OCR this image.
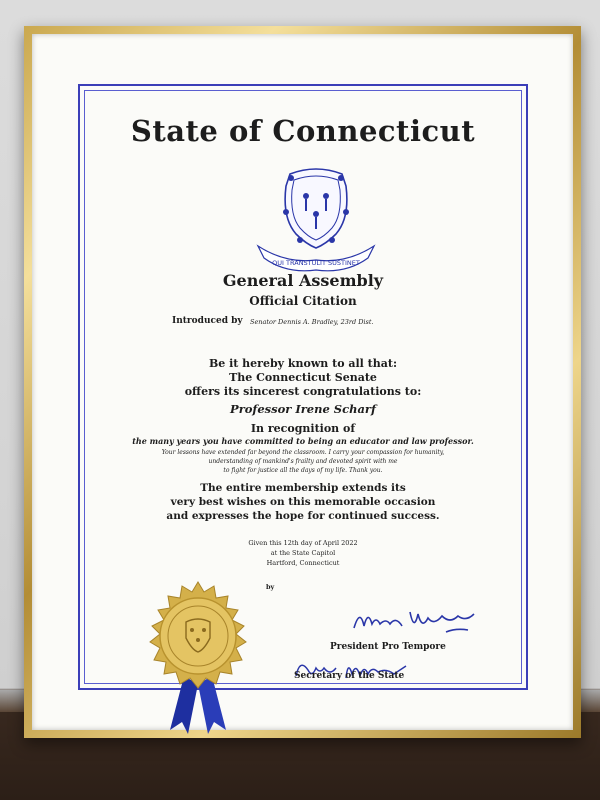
State of Connecticut
QUI TRANSTULIT SUSTINET
General Assembly
Official Citation
Introduced by Senator Dennis A. Bradley, 23rd Dist.
Be it hereby known to all that:
The Connecticut Senate
offers its sincerest congratulations to:
Professor Irene Scharf
In recognition of
the many years you have committed to being an educator and law professor.
Your lessons have extended far beyond the classroom. I carry your compassion for humanity,
understanding of mankind's frailty and devoted spirit with me
to fight for justice all the days of my life. Thank you.
The entire membership extends its
very best wishes on this memorable occasion
and expresses the hope for continued success.
Given this 12th day of April 2022
at the State Capitol
Hartford, Connecticut
by
President Pro Tempore
Secretary of the State
